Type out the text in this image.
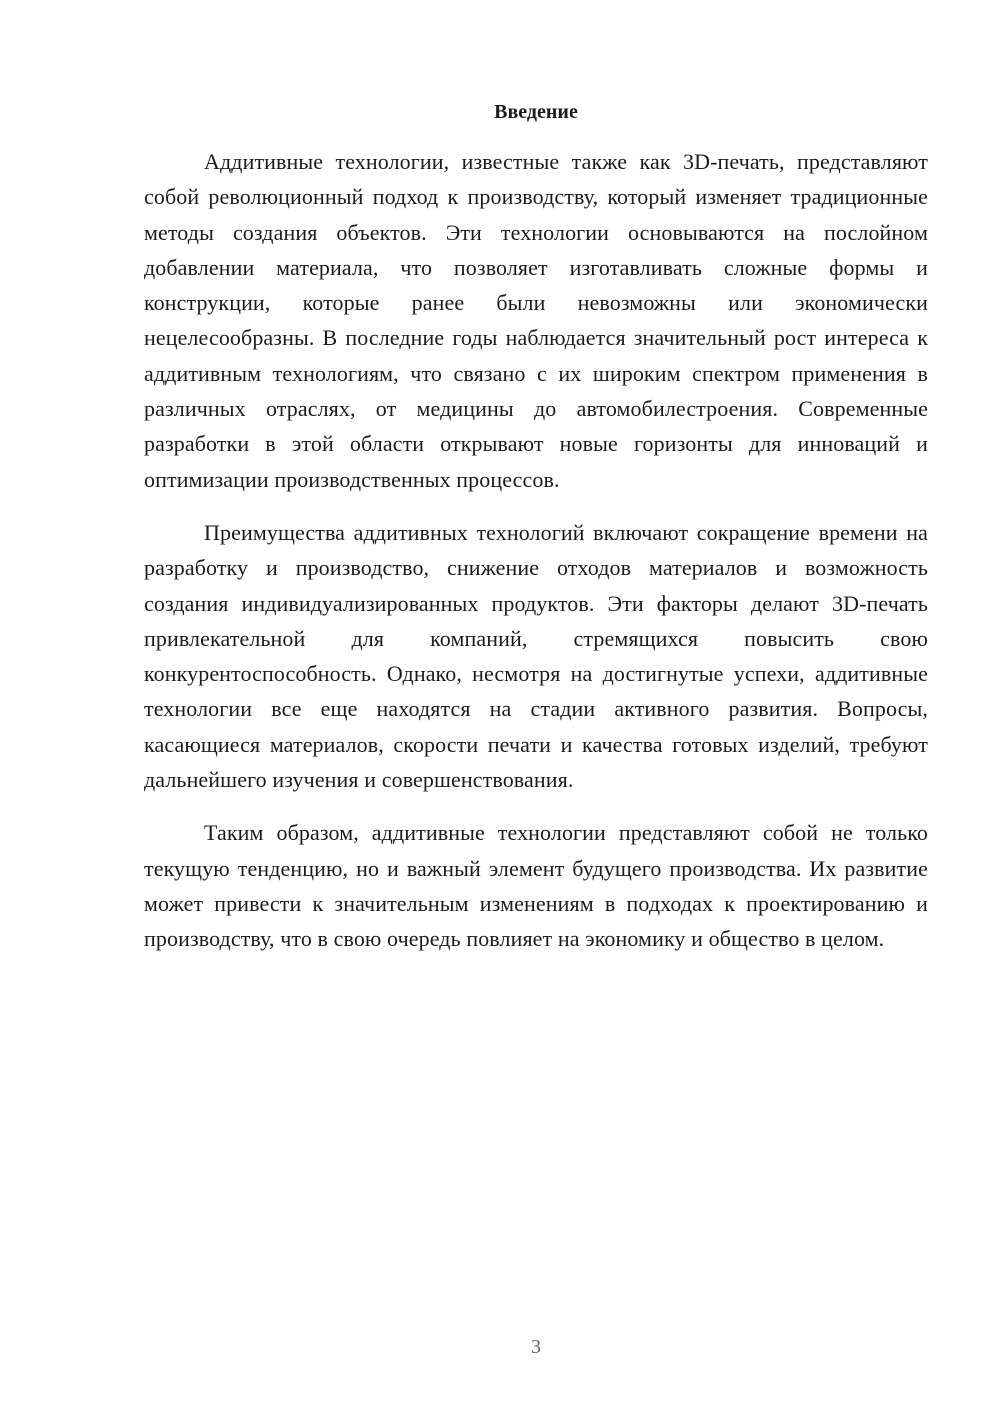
Введение

Аддитивные технологии, известные также как 3D-печать, представляют собой революционный подход к производству, который изменяет традиционные методы создания объектов. Эти технологии основываются на послойном добавлении материала, что позволяет изготавливать сложные формы и конструкции, которые ранее были невозможны или экономически нецелесообразны. В последние годы наблюдается значительный рост интереса к аддитивным технологиям, что связано с их широким спектром применения в различных отраслях, от медицины до автомобилестроения. Современные разработки в этой области открывают новые горизонты для инноваций и оптимизации производственных процессов.

Преимущества аддитивных технологий включают сокращение времени на разработку и производство, снижение отходов материалов и возможность создания индивидуализированных продуктов. Эти факторы делают 3D-печать привлекательной для компаний, стремящихся повысить свою конкурентоспособность. Однако, несмотря на достигнутые успехи, аддитивные технологии все еще находятся на стадии активного развития. Вопросы, касающиеся материалов, скорости печати и качества готовых изделий, требуют дальнейшего изучения и совершенствования.

Таким образом, аддитивные технологии представляют собой не только текущую тенденцию, но и важный элемент будущего производства. Их развитие может привести к значительным изменениям в подходах к проектированию и производству, что в свою очередь повлияет на экономику и общество в целом.

3
